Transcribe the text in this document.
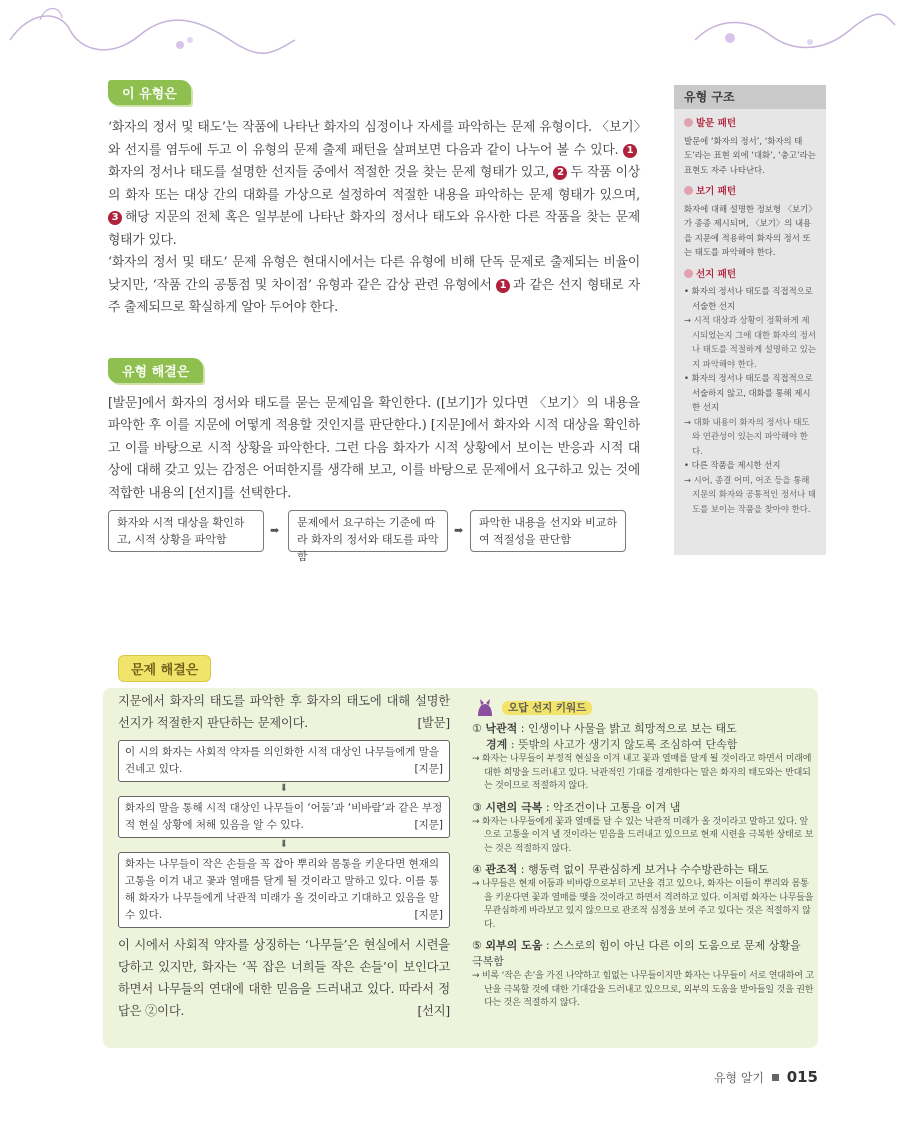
이 유형은

‘화자의 정서 및 태도’는 작품에 나타난 화자의 심정이나 자세를 파악하는 문제 유형이다. 〈보기〉와 선지를 염두에 두고 이 유형의 문제 출제 패턴을 살펴보면 다음과 같이 나누어 볼 수 있다. 1화자의 정서나 태도를 설명한 선지들 중에서 적절한 것을 찾는 문제 형태가 있고, 2 두 작품 이상의 화자 또는 대상 간의 대화를 가상으로 설정하여 적절한 내용을 파악하는 문제 형태가 있으며, 3 해당 지문의 전체 혹은 일부분에 나타난 화자의 정서나 태도와 유사한 다른 작품을 찾는 문제 형태가 있다.

‘화자의 정서 및 태도’ 문제 유형은 현대시에서는 다른 유형에 비해 단독 문제로 출제되는 비율이 낮지만, ‘작품 간의 공통점 및 차이점’ 유형과 같은 감상 관련 유형에서 1 과 같은 선지 형태로 자주 출제되므로 확실하게 알아 두어야 한다.

유형 해결은

[발문]에서 화자의 정서와 태도를 묻는 문제임을 확인한다. ([보기]가 있다면 〈보기〉의 내용을 파악한 후 이를 지문에 어떻게 적용할 것인지를 판단한다.) [지문]에서 화자와 시적 대상을 확인하고 이를 바탕으로 시적 상황을 파악한다. 그런 다음 화자가 시적 상황에서 보이는 반응과 시적 대상에 대해 갖고 있는 감정은 어떠한지를 생각해 보고, 이를 바탕으로 문제에서 요구하고 있는 것에 적합한 내용의 [선지]를 선택한다.

화자와 시적 대상을 확인하고, 시적 상황을 파악함
➡
문제에서 요구하는 기준에 따라 화자의 정서와 태도를 파악함
➡
파악한 내용을 선지와 비교하여 적절성을 판단함
유형 구조
발문 패턴
발문에 ‘화자의 정서’, ‘화자의 태도’라는 표현 외에 ‘대화’, ‘충고’라는 표현도 자주 나타난다.
보기 패턴
화자에 대해 설명한 정보형 〈보기〉가 종종 제시되며, 〈보기〉의 내용을 지문에 적용하여 화자의 정서 또는 태도를 파악해야 한다.
선지 패턴
• 화자의 정서나 태도를 직접적으로 서술한 선지
→ 시적 대상과 상황이 정확하게 제시되었는지 그에 대한 화자의 정서나 태도를 적절하게 설명하고 있는지 파악해야 한다.
• 화자의 정서나 태도를 직접적으로 서술하지 않고, 대화를 통해 제시한 선지
→ 대화 내용이 화자의 정서나 태도와 연관성이 있는지 파악해야 한다.
• 다른 작품을 제시한 선지
→ 시어, 종결 어미, 어조 등을 통해 지문의 화자와 공통적인 정서나 태도를 보이는 작품을 찾아야 한다.
문제 해결은

지문에서 화자의 태도를 파악한 후 화자의 태도에 대해 설명한 선지가 적절한지 판단하는 문제이다.	[발문]

이 시의 화자는 사회적 약자를 의인화한 시적 대상인 나무들에게 말을 건네고 있다.	[지문]
⬇
화자의 말을 통해 시적 대상인 나무들이 ‘어둠’과 ‘비바람’과 같은 부정적 현실 상황에 처해 있음을 알 수 있다.	[지문]
⬇
화자는 나무들이 작은 손들을 꼭 잡아 뿌리와 몸통을 키운다면 현재의 고통을 이겨 내고 꽃과 열매를 달게 될 것이라고 말하고 있다. 이를 통해 화자가 나무들에게 낙관적 미래가 올 것이라고 기대하고 있음을 알 수 있다.	[지문]

이 시에서 사회적 약자를 상징하는 ‘나무들’은 현실에서 시련을 당하고 있지만, 화자는 ‘꼭 잡은 너희들 작은 손들’이 보인다고 하면서 나무들의 연대에 대한 믿음을 드러내고 있다. 따라서 정답은 ②이다.	[선지]

오답 선지 키워드
① 낙관적 : 인생이나 사물을 밝고 희망적으로 보는 태도
경계 : 뜻밖의 사고가 생기지 않도록 조심하여 단속함
→ 화자는 나무들이 부정적 현실을 이겨 내고 꽃과 열매를 달게 될 것이라고 하면서 미래에 대한 희망을 드러내고 있다. 낙관적인 기대를 경계한다는 말은 화자의 태도와는 반대되는 것이므로 적절하지 않다.
③ 시련의 극복 : 악조건이나 고통을 이겨 냄
→ 화자는 나무들에게 꽃과 열매를 달 수 있는 낙관적 미래가 올 것이라고 말하고 있다. 앞으로 고통을 이겨 낼 것이라는 믿음을 드러내고 있으므로 현재 시련을 극복한 상태로 보는 것은 적절하지 않다.
④ 관조적 : 행동력 없이 무관심하게 보거나 수수방관하는 태도
→ 나무들은 현재 어둠과 비바람으로부터 고난을 겪고 있으나, 화자는 이들이 뿌리와 몸통을 키운다면 꽃과 열매를 맺을 것이라고 하면서 격려하고 있다. 이처럼 화자는 나무들을 무관심하게 바라보고 있지 않으므로 관조적 심정을 보여 주고 있다는 것은 적절하지 않다.
⑤ 외부의 도움 : 스스로의 힘이 아닌 다른 이의 도움으로 문제 상황을 극복함
→ 비록 ‘작은 손’을 가진 나약하고 힘없는 나무들이지만 화자는 나무들이 서로 연대하여 고난을 극복할 것에 대한 기대감을 드러내고 있으므로, 외부의 도움을 받아들일 것을 권한다는 것은 적절하지 않다.
유형 알기 015
